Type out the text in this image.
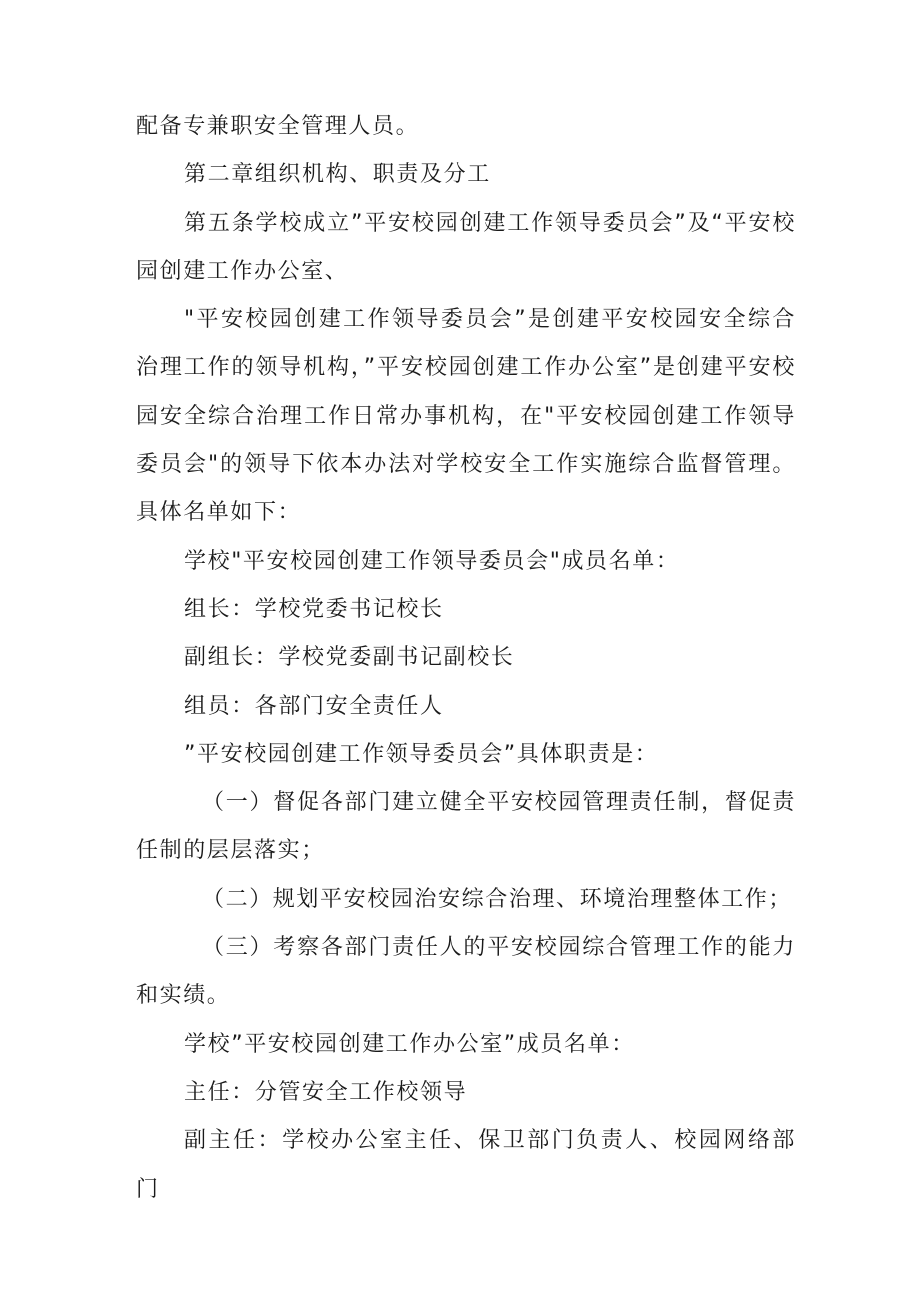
配备专兼职安全管理人员。

第二章组织机构、职责及分工

第五条学校成立”平安校园创建工作领导委员会”及“平安校园创建工作办公室、

"平安校园创建工作领导委员会”是创建平安校园安全综合治理工作的领导机构，”平安校园创建工作办公室”是创建平安校园安全综合治理工作日常办事机构，在"平安校园创建工作领导委员会"的领导下依本办法对学校安全工作实施综合监督管理。具体名单如下：

学校"平安校园创建工作领导委员会"成员名单：

组长：学校党委书记校长

副组长：学校党委副书记副校长

组员：各部门安全责任人

”平安校园创建工作领导委员会”具体职责是：

（一）督促各部门建立健全平安校园管理责任制，督促责任制的层层落实；

（二）规划平安校园治安综合治理、环境治理整体工作；

（三）考察各部门责任人的平安校园综合管理工作的能力和实绩。

学校”平安校园创建工作办公室”成员名单：

主任：分管安全工作校领导

副主任：学校办公室主任、保卫部门负责人、校园网络部门
